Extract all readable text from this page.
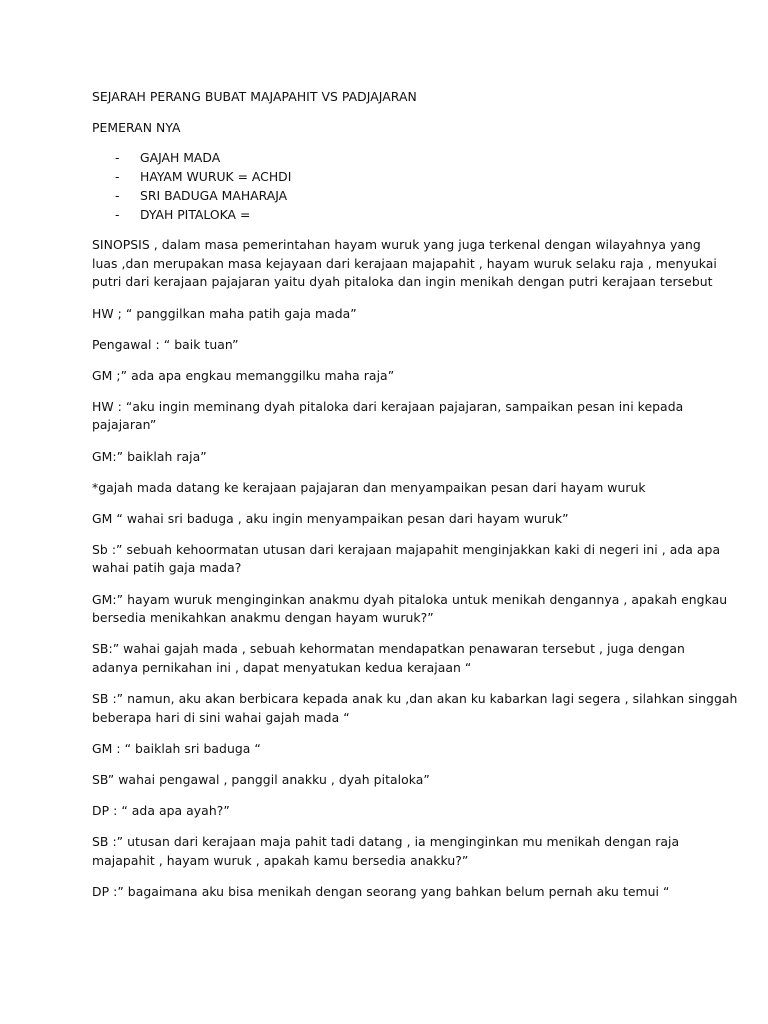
SEJARAH PERANG BUBAT MAJAPAHIT VS PADJAJARAN
PEMERAN NYA
- GAJAH MADA
- HAYAM WURUK = ACHDI
- SRI BADUGA MAHARAJA
- DYAH PITALOKA =
SINOPSIS , dalam masa pemerintahan hayam wuruk yang juga terkenal dengan wilayahnya yang
luas ,dan merupakan masa kejayaan dari kerajaan majapahit , hayam wuruk selaku raja , menyukai
putri dari kerajaan pajajaran yaitu dyah pitaloka dan ingin menikah dengan putri kerajaan tersebut
HW ; “ panggilkan maha patih gaja mada”
Pengawal : “ baik tuan”
GM ;” ada apa engkau memanggilku maha raja”
HW : “aku ingin meminang dyah pitaloka dari kerajaan pajajaran, sampaikan pesan ini kepada
pajajaran”
GM:” baiklah raja”
*gajah mada datang ke kerajaan pajajaran dan menyampaikan pesan dari hayam wuruk
GM “ wahai sri baduga , aku ingin menyampaikan pesan dari hayam wuruk”
Sb :” sebuah kehoormatan utusan dari kerajaan majapahit menginjakkan kaki di negeri ini , ada apa
wahai patih gaja mada?
GM:” hayam wuruk menginginkan anakmu dyah pitaloka untuk menikah dengannya , apakah engkau
bersedia menikahkan anakmu dengan hayam wuruk?”
SB:” wahai gajah mada , sebuah kehormatan mendapatkan penawaran tersebut , juga dengan
adanya pernikahan ini , dapat menyatukan kedua kerajaan “
SB :” namun, aku akan berbicara kepada anak ku ,dan akan ku kabarkan lagi segera , silahkan singgah
beberapa hari di sini wahai gajah mada “
GM : “ baiklah sri baduga “
SB” wahai pengawal , panggil anakku , dyah pitaloka”
DP : “ ada apa ayah?”
SB :” utusan dari kerajaan maja pahit tadi datang , ia menginginkan mu menikah dengan raja
majapahit , hayam wuruk , apakah kamu bersedia anakku?”
DP :” bagaimana aku bisa menikah dengan seorang yang bahkan belum pernah aku temui “
